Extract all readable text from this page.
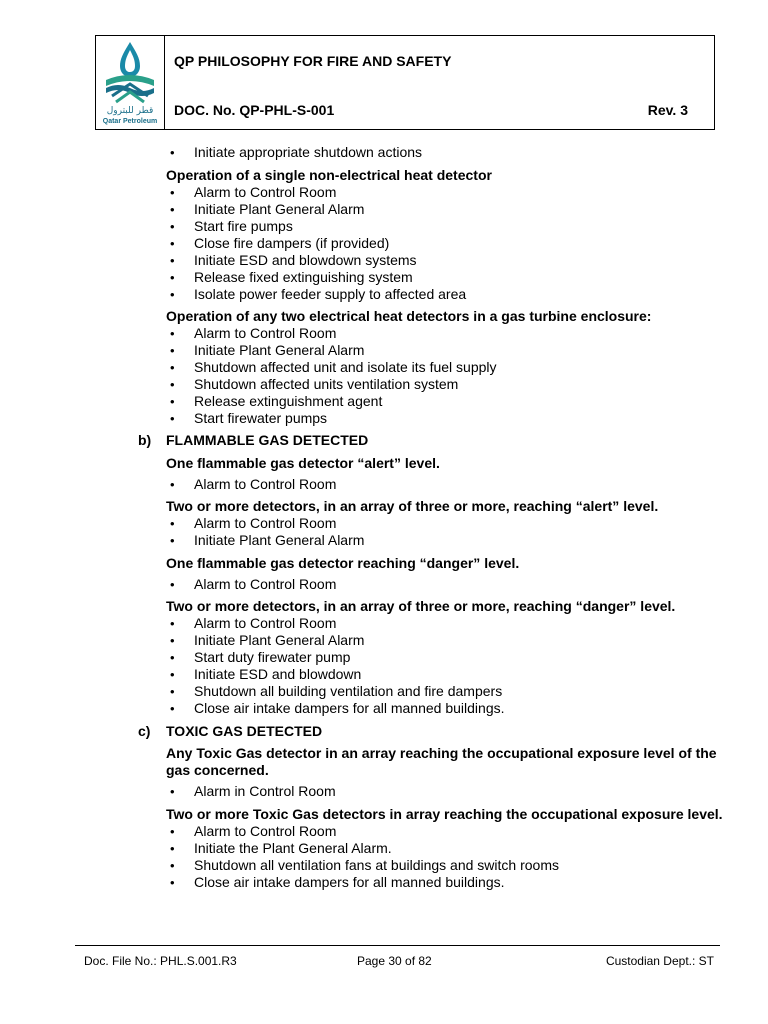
قطر للبترول
Qatar Petroleum
QP PHILOSOPHY FOR FIRE AND SAFETY
DOC. No. QP-PHL-S-001	Rev. 3
• Initiate appropriate shutdown actions
Operation of a single non-electrical heat detector
• Alarm to Control Room
• Initiate Plant General Alarm
• Start fire pumps
• Close fire dampers (if provided)
• Initiate ESD and blowdown systems
• Release fixed extinguishing system
• Isolate power feeder supply to affected area
Operation of any two electrical heat detectors in a gas turbine enclosure:
• Alarm to Control Room
• Initiate Plant General Alarm
• Shutdown affected unit and isolate its fuel supply
• Shutdown affected units ventilation system
• Release extinguishment agent
• Start firewater pumps
b) FLAMMABLE GAS DETECTED
One flammable gas detector “alert” level.
• Alarm to Control Room
Two or more detectors, in an array of three or more, reaching “alert” level.
• Alarm to Control Room
• Initiate Plant General Alarm
One flammable gas detector reaching “danger” level.
• Alarm to Control Room
Two or more detectors, in an array of three or more, reaching “danger” level.
• Alarm to Control Room
• Initiate Plant General Alarm
• Start duty firewater pump
• Initiate ESD and blowdown
• Shutdown all building ventilation and fire dampers
• Close air intake dampers for all manned buildings.
c) TOXIC GAS DETECTED
Any Toxic Gas detector in an array reaching the occupational exposure level of the gas concerned.
• Alarm in Control Room
Two or more Toxic Gas detectors in array reaching the occupational exposure level.
• Alarm to Control Room
• Initiate the Plant General Alarm.
• Shutdown all ventilation fans at buildings and switch rooms
• Close air intake dampers for all manned buildings.
Doc. File No.: PHL.S.001.R3	Page 30 of 82	Custodian Dept.: ST
